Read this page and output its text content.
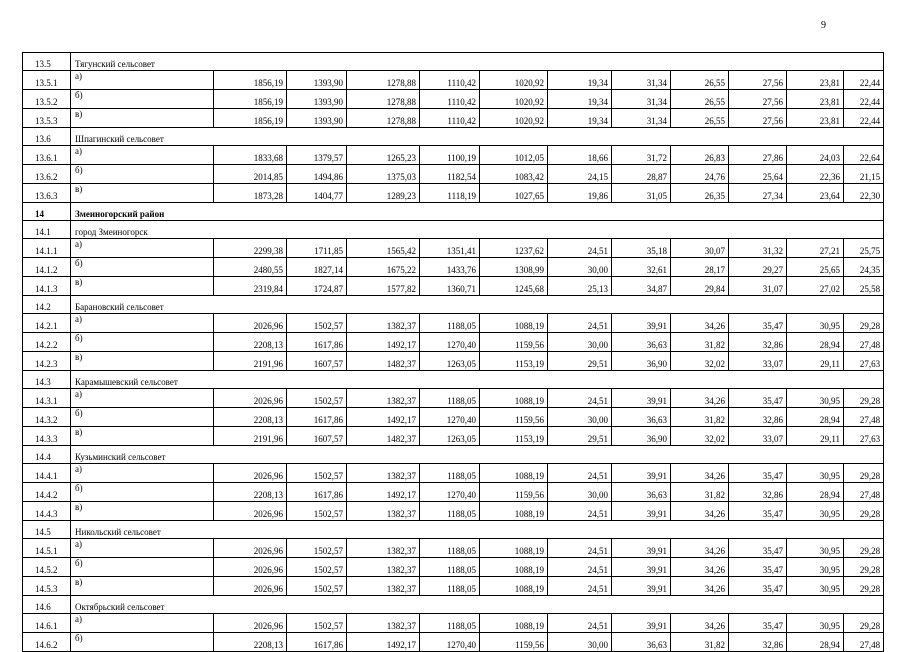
9
13.5	Тягунский сельсовет											
13.5.1	а)	1856,19	1393,90	1278,88	1110,42	1020,92	19,34	31,34	26,55	27,56	23,81	22,44
13.5.2	б)	1856,19	1393,90	1278,88	1110,42	1020,92	19,34	31,34	26,55	27,56	23,81	22,44
13.5.3	в)	1856,19	1393,90	1278,88	1110,42	1020,92	19,34	31,34	26,55	27,56	23,81	22,44
13.6	Шпагинский сельсовет											
13.6.1	а)	1833,68	1379,57	1265,23	1100,19	1012,05	18,66	31,72	26,83	27,86	24,03	22,64
13.6.2	б)	2014,85	1494,86	1375,03	1182,54	1083,42	24,15	28,87	24,76	25,64	22,36	21,15
13.6.3	в)	1873,28	1404,77	1289,23	1118,19	1027,65	19,86	31,05	26,35	27,34	23,64	22,30
14	Змеиногорский район											
14.1	город Змеиногорск											
14.1.1	а)	2299,38	1711,85	1565,42	1351,41	1237,62	24,51	35,18	30,07	31,32	27,21	25,75
14.1.2	б)	2480,55	1827,14	1675,22	1433,76	1308,99	30,00	32,61	28,17	29,27	25,65	24,35
14.1.3	в)	2319,84	1724,87	1577,82	1360,71	1245,68	25,13	34,87	29,84	31,07	27,02	25,58
14.2	Барановский сельсовет											
14.2.1	а)	2026,96	1502,57	1382,37	1188,05	1088,19	24,51	39,91	34,26	35,47	30,95	29,28
14.2.2	б)	2208,13	1617,86	1492,17	1270,40	1159,56	30,00	36,63	31,82	32,86	28,94	27,48
14.2.3	в)	2191,96	1607,57	1482,37	1263,05	1153,19	29,51	36,90	32,02	33,07	29,11	27,63
14.3	Карамышевский сельсовет											
14.3.1	а)	2026,96	1502,57	1382,37	1188,05	1088,19	24,51	39,91	34,26	35,47	30,95	29,28
14.3.2	б)	2208,13	1617,86	1492,17	1270,40	1159,56	30,00	36,63	31,82	32,86	28,94	27,48
14.3.3	в)	2191,96	1607,57	1482,37	1263,05	1153,19	29,51	36,90	32,02	33,07	29,11	27,63
14.4	Кузьминский сельсовет											
14.4.1	а)	2026,96	1502,57	1382,37	1188,05	1088,19	24,51	39,91	34,26	35,47	30,95	29,28
14.4.2	б)	2208,13	1617,86	1492,17	1270,40	1159,56	30,00	36,63	31,82	32,86	28,94	27,48
14.4.3	в)	2026,96	1502,57	1382,37	1188,05	1088,19	24,51	39,91	34,26	35,47	30,95	29,28
14.5	Никольский сельсовет											
14.5.1	а)	2026,96	1502,57	1382,37	1188,05	1088,19	24,51	39,91	34,26	35,47	30,95	29,28
14.5.2	б)	2026,96	1502,57	1382,37	1188,05	1088,19	24,51	39,91	34,26	35,47	30,95	29,28
14.5.3	в)	2026,96	1502,57	1382,37	1188,05	1088,19	24,51	39,91	34,26	35,47	30,95	29,28
14.6	Октябрьский сельсовет											
14.6.1	а)	2026,96	1502,57	1382,37	1188,05	1088,19	24,51	39,91	34,26	35,47	30,95	29,28
14.6.2	б)	2208,13	1617,86	1492,17	1270,40	1159,56	30,00	36,63	31,82	32,86	28,94	27,48
